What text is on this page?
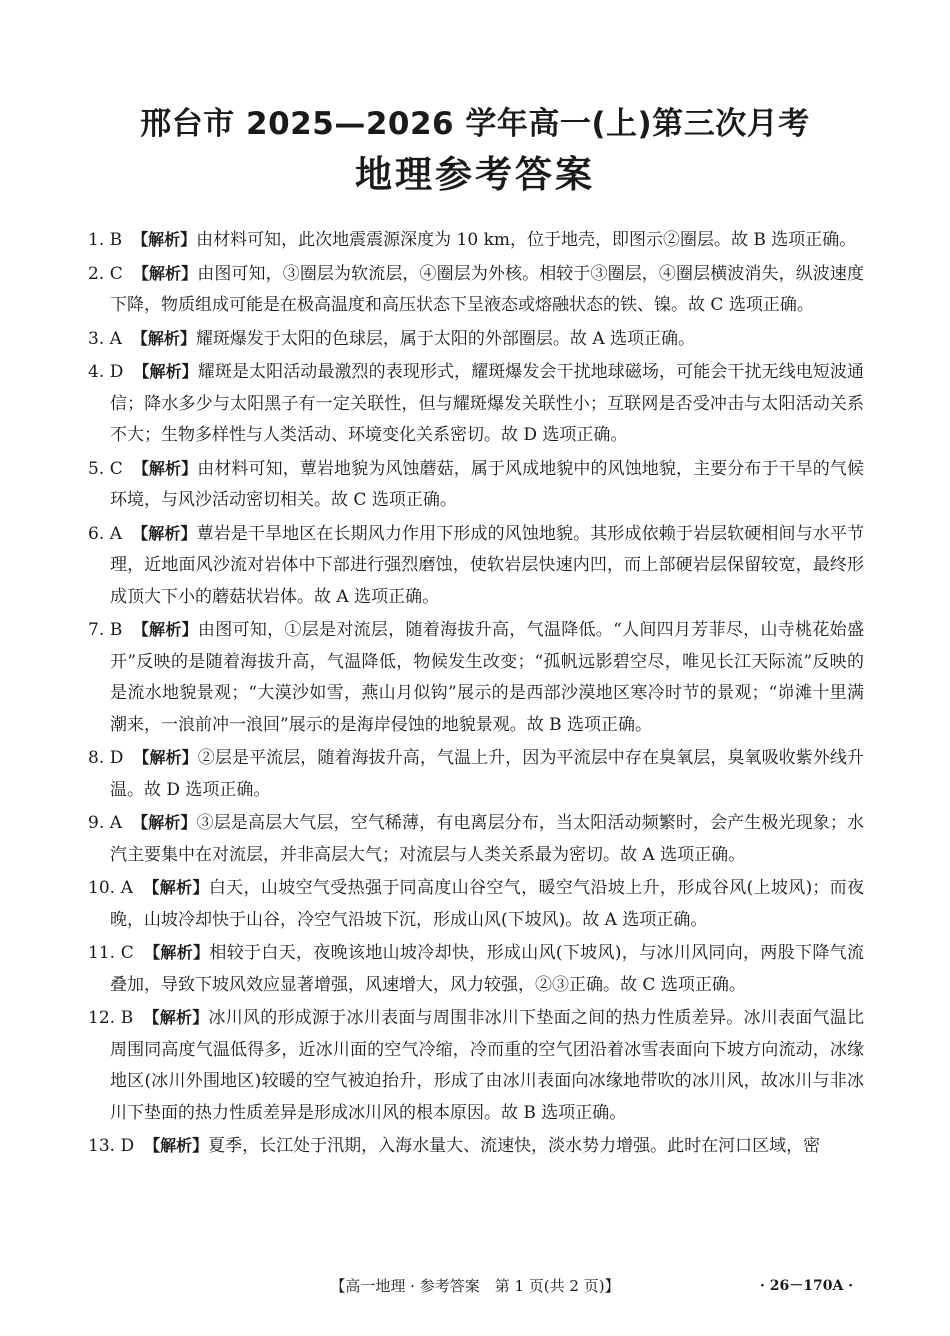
邢台市 2025—2026 学年高一(上)第三次月考
地理参考答案
1. B 【解析】由材料可知，此次地震震源深度为 10 km，位于地壳，即图示②圈层。故 B 选项正确。
2. C 【解析】由图可知，③圈层为软流层，④圈层为外核。相较于③圈层，④圈层横波消失，纵波速度下降，物质组成可能是在极高温度和高压状态下呈液态或熔融状态的铁、镍。故 C 选项正确。
3. A 【解析】耀斑爆发于太阳的色球层，属于太阳的外部圈层。故 A 选项正确。
4. D 【解析】耀斑是太阳活动最激烈的表现形式，耀斑爆发会干扰地球磁场，可能会干扰无线电短波通信；降水多少与太阳黑子有一定关联性，但与耀斑爆发关联性小；互联网是否受冲击与太阳活动关系不大；生物多样性与人类活动、环境变化关系密切。故 D 选项正确。
5. C 【解析】由材料可知，蕈岩地貌为风蚀蘑菇，属于风成地貌中的风蚀地貌，主要分布于干旱的气候环境，与风沙活动密切相关。故 C 选项正确。
6. A 【解析】蕈岩是干旱地区在长期风力作用下形成的风蚀地貌。其形成依赖于岩层软硬相间与水平节理，近地面风沙流对岩体中下部进行强烈磨蚀，使软岩层快速内凹，而上部硬岩层保留较宽，最终形成顶大下小的蘑菇状岩体。故 A 选项正确。
7. B 【解析】由图可知，①层是对流层，随着海拔升高，气温降低。“人间四月芳菲尽，山寺桃花始盛开”反映的是随着海拔升高，气温降低，物候发生改变；“孤帆远影碧空尽，唯见长江天际流”反映的是流水地貌景观；“大漠沙如雪，燕山月似钩”展示的是西部沙漠地区寒冷时节的景观；“峁滩十里满潮来，一浪前冲一浪回”展示的是海岸侵蚀的地貌景观。故 B 选项正确。
8. D 【解析】②层是平流层，随着海拔升高，气温上升，因为平流层中存在臭氧层，臭氧吸收紫外线升温。故 D 选项正确。
9. A 【解析】③层是高层大气层，空气稀薄，有电离层分布，当太阳活动频繁时，会产生极光现象；水汽主要集中在对流层，并非高层大气；对流层与人类关系最为密切。故 A 选项正确。
10. A 【解析】白天，山坡空气受热强于同高度山谷空气，暖空气沿坡上升，形成谷风(上坡风)；而夜晚，山坡冷却快于山谷，冷空气沿坡下沉，形成山风(下坡风)。故 A 选项正确。
11. C 【解析】相较于白天，夜晚该地山坡冷却快，形成山风(下坡风)，与冰川风同向，两股下降气流叠加，导致下坡风效应显著增强，风速增大，风力较强，②③正确。故 C 选项正确。
12. B 【解析】冰川风的形成源于冰川表面与周围非冰川下垫面之间的热力性质差异。冰川表面气温比周围同高度气温低得多，近冰川面的空气冷缩，冷而重的空气团沿着冰雪表面向下坡方向流动，冰缘地区(冰川外围地区)较暖的空气被迫抬升，形成了由冰川表面向冰缘地带吹的冰川风，故冰川与非冰川下垫面的热力性质差异是形成冰川风的根本原因。故 B 选项正确。
13. D 【解析】夏季，长江处于汛期，入海水量大、流速快，淡水势力增强。此时在河口区域，密
【高一地理 · 参考答案　第 1 页(共 2 页)】	· 26－170A ·
